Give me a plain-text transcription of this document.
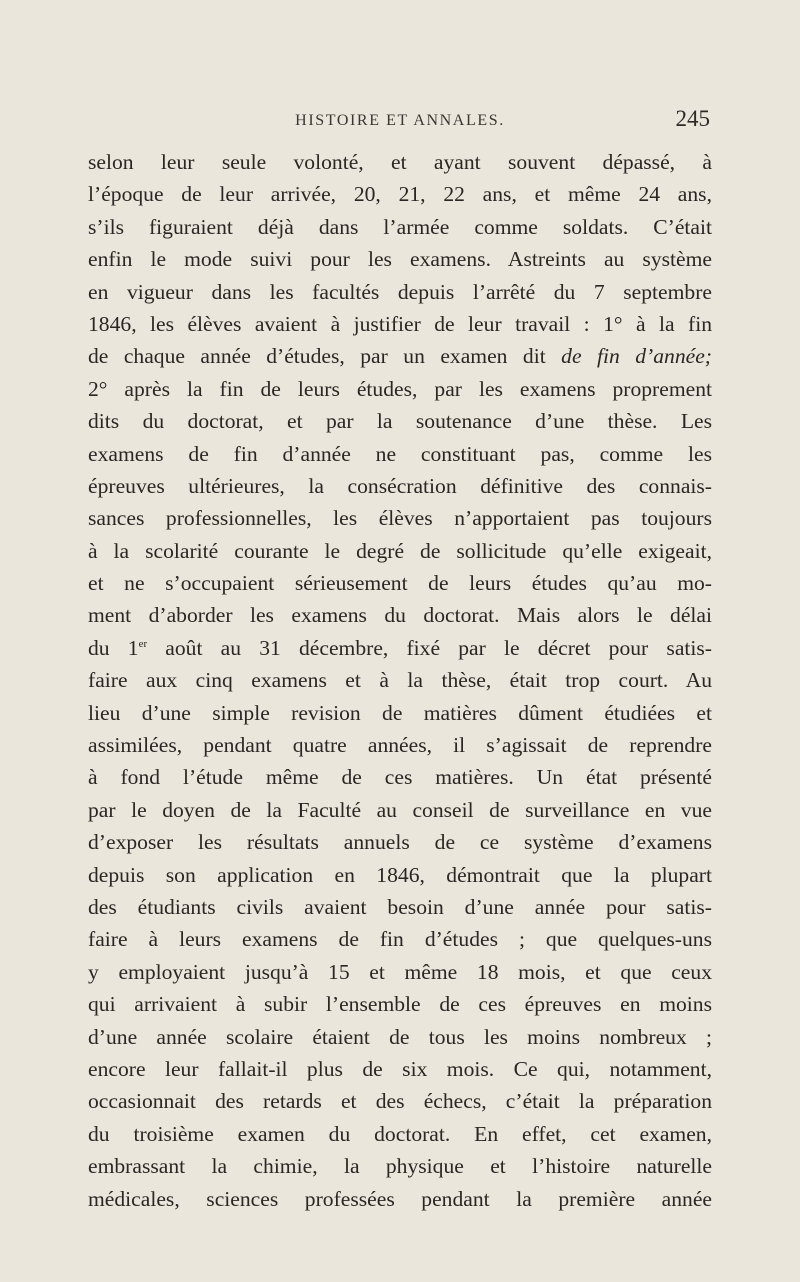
HISTOIRE ET ANNALES.	245
selon leur seule volonté, et ayant souvent dépassé, à
l’époque de leur arrivée, 20, 21, 22 ans, et même 24 ans,
s’ils figuraient déjà dans l’armée comme soldats. C’était
enfin le mode suivi pour les examens. Astreints au système
en vigueur dans les facultés depuis l’arrêté du 7 septembre
1846, les élèves avaient à justifier de leur travail : 1° à la fin
de chaque année d’études, par un examen dit de fin d’année;
2° après la fin de leurs études, par les examens proprement
dits du doctorat, et par la soutenance d’une thèse. Les
examens de fin d’année ne constituant pas, comme les
épreuves ultérieures, la consécration définitive des connais-
sances professionnelles, les élèves n’apportaient pas toujours
à la scolarité courante le degré de sollicitude qu’elle exigeait,
et ne s’occupaient sérieusement de leurs études qu’au mo-
ment d’aborder les examens du doctorat. Mais alors le délai
du 1er août au 31 décembre, fixé par le décret pour satis-
faire aux cinq examens et à la thèse, était trop court. Au
lieu d’une simple revision de matières dûment étudiées et
assimilées, pendant quatre années, il s’agissait de reprendre
à fond l’étude même de ces matières. Un état présenté
par le doyen de la Faculté au conseil de surveillance en vue
d’exposer les résultats annuels de ce système d’examens
depuis son application en 1846, démontrait que la plupart
des étudiants civils avaient besoin d’une année pour satis-
faire à leurs examens de fin d’études ; que quelques-uns
y employaient jusqu’à 15 et même 18 mois, et que ceux
qui arrivaient à subir l’ensemble de ces épreuves en moins
d’une année scolaire étaient de tous les moins nombreux ;
encore leur fallait-il plus de six mois. Ce qui, notamment,
occasionnait des retards et des échecs, c’était la préparation
du troisième examen du doctorat. En effet, cet examen,
embrassant la chimie, la physique et l’histoire naturelle
médicales, sciences professées pendant la première année
